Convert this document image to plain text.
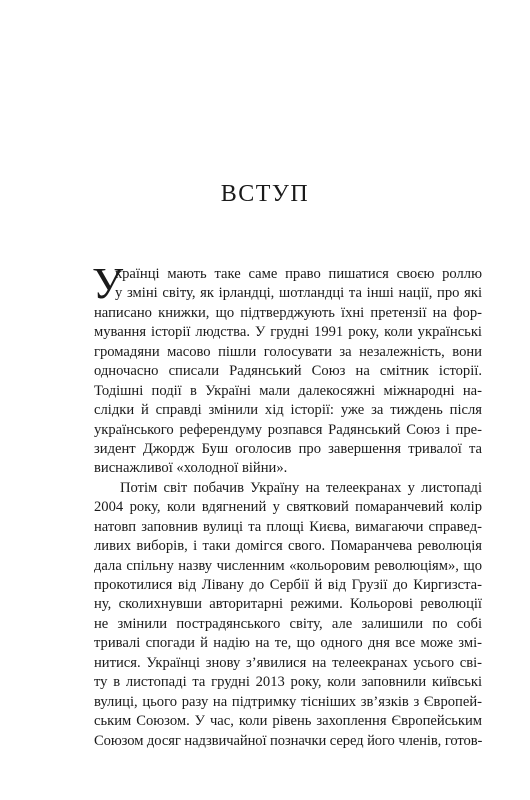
ВСТУП
У
країнці мають таке саме право пишатися своєю роллю
у зміні світу, як ірландці, шотландці та інші нації, про які
написано книжки, що підтверджують їхні претензії на фор-
мування історії людства. У грудні 1991 року, коли українські
громадяни масово пішли голосувати за незалежність, вони
одночасно списали Радянський Союз на смітник історії.
Тодішні події в Україні мали далекосяжні міжнародні на-
слідки й справді змінили хід історії: уже за тиждень після
українського референдуму розпався Радянський Союз і пре-
зидент Джордж Буш оголосив про завершення тривалої та
виснажливої «холодної війни».
Потім світ побачив Україну на телеекранах у листопаді
2004 року, коли вдягнений у святковий помаранчевий колір
натовп заповнив вулиці та площі Києва, вимагаючи справед-
ливих виборів, і таки домігся свого. Помаранчева революція
дала спільну назву численним «кольоровим революціям», що
прокотилися від Лівану до Сербії й від Грузії до Киргизста-
ну, сколихнувши авторитарні режими. Кольорові революції
не змінили пострадянського світу, але залишили по собі
тривалі спогади й надію на те, що одного дня все може змі-
нитися. Українці знову з’явилися на телеекранах усього сві-
ту в листопаді та грудні 2013 року, коли заповнили київські
вулиці, цього разу на підтримку тісніших зв’язків з Європей-
ським Союзом. У час, коли рівень захоплення Європейським
Союзом досяг надзвичайної позначки серед його членів, готов-
